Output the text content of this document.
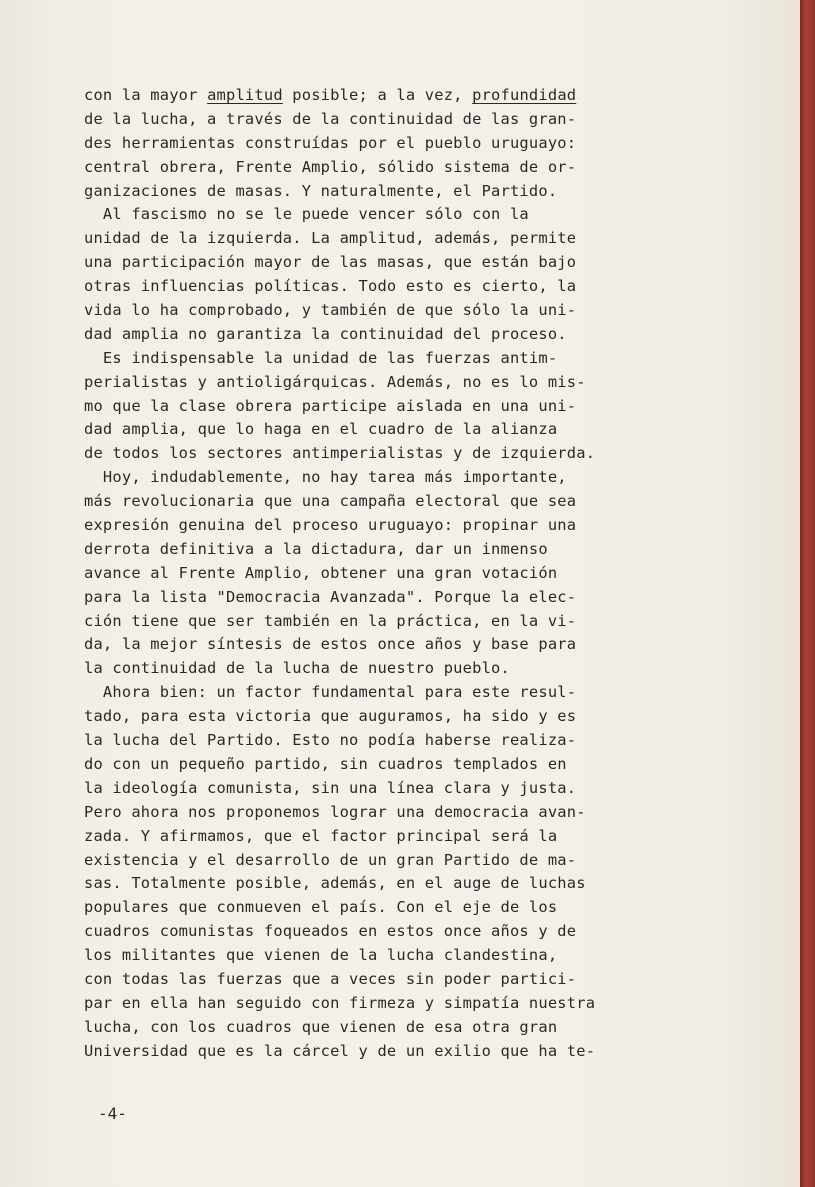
con la mayor amplitud posible; a la vez, profundidad
de la lucha, a través de la continuidad de las gran-
des herramientas construídas por el pueblo uruguayo:
central obrera, Frente Amplio, sólido sistema de or-
ganizaciones de masas. Y naturalmente, el Partido.
Al fascismo no se le puede vencer sólo con la
unidad de la izquierda. La amplitud, además, permite
una participación mayor de las masas, que están bajo
otras influencias políticas. Todo esto es cierto, la
vida lo ha comprobado, y también de que sólo la uni-
dad amplia no garantiza la continuidad del proceso.
Es indispensable la unidad de las fuerzas antim-
perialistas y antioligárquicas. Además, no es lo mis-
mo que la clase obrera participe aislada en una uni-
dad amplia, que lo haga en el cuadro de la alianza
de todos los sectores antimperialistas y de izquierda.
Hoy, indudablemente, no hay tarea más importante,
más revolucionaria que una campaña electoral que sea
expresión genuina del proceso uruguayo: propinar una
derrota definitiva a la dictadura, dar un inmenso
avance al Frente Amplio, obtener una gran votación
para la lista "Democracia Avanzada". Porque la elec-
ción tiene que ser también en la práctica, en la vi-
da, la mejor síntesis de estos once años y base para
la continuidad de la lucha de nuestro pueblo.
Ahora bien: un factor fundamental para este resul-
tado, para esta victoria que auguramos, ha sido y es
la lucha del Partido. Esto no podía haberse realiza-
do con un pequeño partido, sin cuadros templados en
la ideología comunista, sin una línea clara y justa.
Pero ahora nos proponemos lograr una democracia avan-
zada. Y afirmamos, que el factor principal será la
existencia y el desarrollo de un gran Partido de ma-
sas. Totalmente posible, además, en el auge de luchas
populares que conmueven el país. Con el eje de los
cuadros comunistas foqueados en estos once años y de
los militantes que vienen de la lucha clandestina,
con todas las fuerzas que a veces sin poder partici-
par en ella han seguido con firmeza y simpatía nuestra
lucha, con los cuadros que vienen de esa otra gran
Universidad que es la cárcel y de un exilio que ha te-
-4-
